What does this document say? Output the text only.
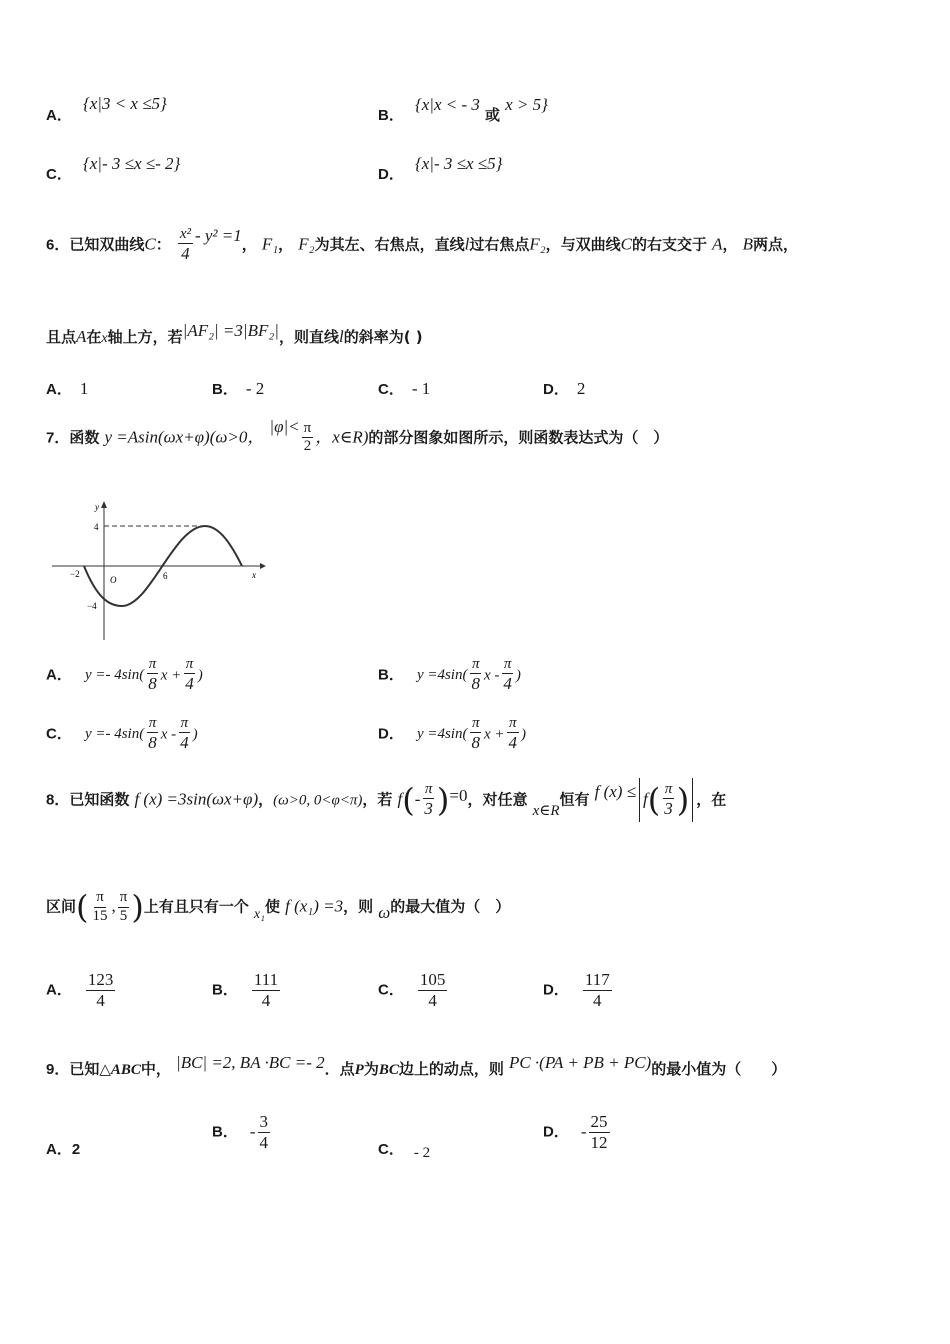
A． {x|3 < x ≤5}
B． {x|x < - 3 或 x > 5}
C． {x|- 3 ≤x ≤- 2}
D． {x|- 3 ≤x ≤5}
6．已知双曲线C： $\frac{\text{x²}}{4} - y^2 =1$， F₁， F₂为其左、右焦点，直线l过右焦点F₂，与双曲线C的右支交于 A， B两点，
且点A在x轴上方，若|AF₂| =3|BF₂|，则直线l的斜率为( )
A． 1	B． - 2	C． - 1	D． 2
7．函数 y =Asin(ωx+φ)(ω>0， $|\varphi|< \frac{\pi}{2}$ ，x∈R)的部分图象如图所示，则函数表达式为（　）
y
x
O
4
−4
−2	6
A． $y =- 4\sin( \frac{\pi}{8}$ $x + \frac{\pi}{4}$ )	B． $y =4\sin( \frac{\pi}{8}$ x - $\frac{\pi}{4}$ )
C． $y =- 4\sin( \frac{\pi}{8}$ x - $\frac{\pi}{4}$ )	D． $y =4\sin( \frac{\pi}{8}$ $x + \frac{\pi}{4}$ )
8．已知函数 f (x) =3sin(ωx+φ)，(ω>0, 0<φ<π)，若 $f(- \frac{\pi}{3} )=0$，对任意 x∈R恒有 f $(x) \le f( \frac{\pi}{3}$ ) ，在
区间( $\frac{\pi}{15}$ , $\frac{\pi}{5}$ )上有且只有一个 x₁使 f (x₁) =3，则 ω的最大值为（　）
A． $\frac{123}{4}$	B． $\frac{111}{4}$	C． $\frac{105}{4}$	D． $\frac{117}{4}$
9．已知△ABC中， |BC| =2, BA ·BC =- 2．点P为BC边上的动点，则 PC ·(PA + PB + PC)的最小值为（　　）
A．2
B． - $\frac{3}{4}$	C． - 2
D． - $\frac{25}{12}$
